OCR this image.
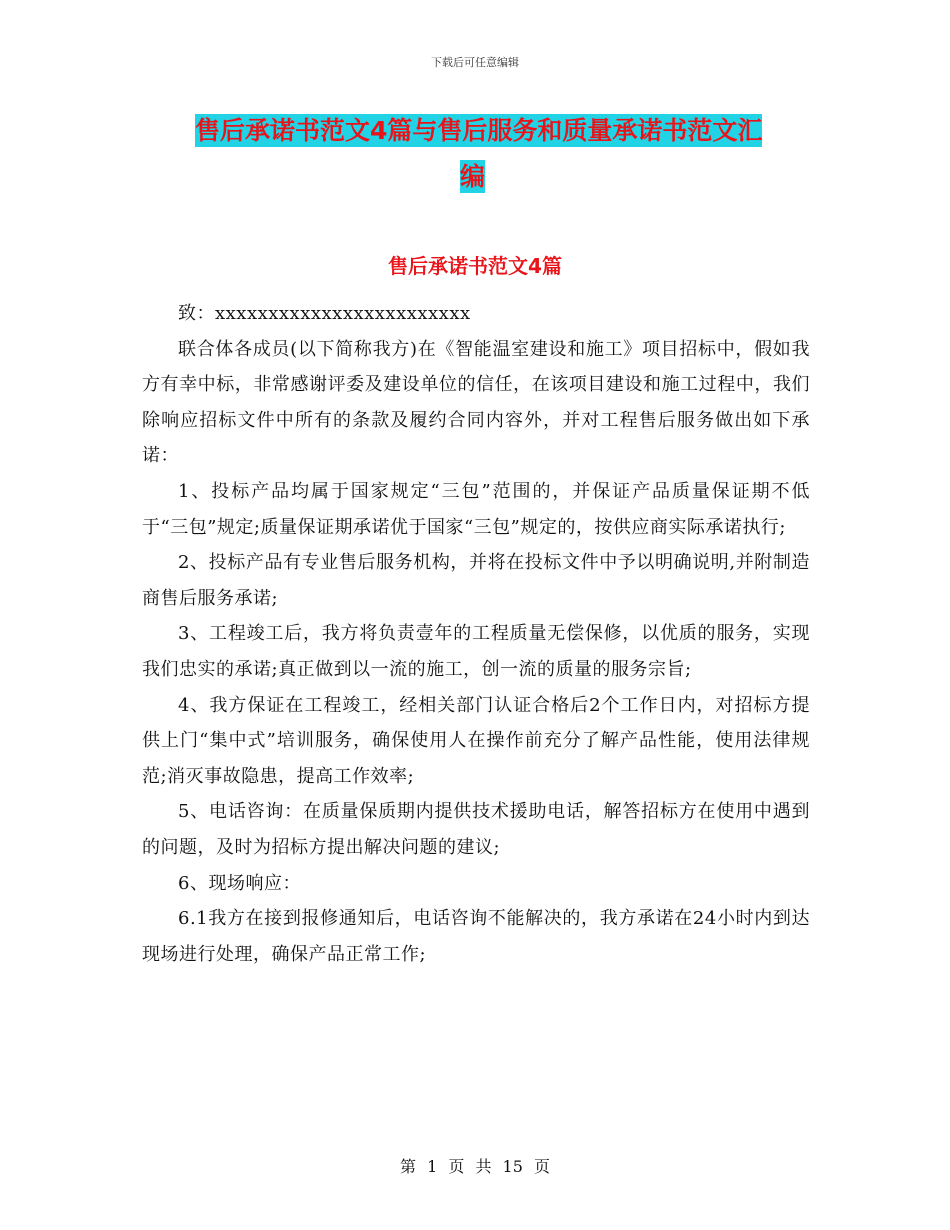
下载后可任意编辑
售后承诺书范文4篇与售后服务和质量承诺书范文汇
编
售后承诺书范文4篇

致：xxxxxxxxxxxxxxxxxxxxxxxx

联合体各成员(以下简称我方)在《智能温室建设和施工》项目招标中，假如我方有幸中标，非常感谢评委及建设单位的信任，在该项目建设和施工过程中，我们除响应招标文件中所有的条款及履约合同内容外，并对工程售后服务做出如下承诺：

1、投标产品均属于国家规定“三包”范围的，并保证产品质量保证期不低于“三包”规定;质量保证期承诺优于国家“三包”规定的，按供应商实际承诺执行;

2、投标产品有专业售后服务机构，并将在投标文件中予以明确说明,并附制造商售后服务承诺;

3、工程竣工后，我方将负责壹年的工程质量无偿保修，以优质的服务，实现我们忠实的承诺;真正做到以一流的施工，创一流的质量的服务宗旨;

4、我方保证在工程竣工，经相关部门认证合格后2个工作日内，对招标方提供上门“集中式”培训服务，确保使用人在操作前充分了解产品性能，使用法律规范;消灭事故隐患，提高工作效率;

5、电话咨询：在质量保质期内提供技术援助电话，解答招标方在使用中遇到的问题，及时为招标方提出解决问题的建议;

6、现场响应：

6.1我方在接到报修通知后，电话咨询不能解决的，我方承诺在24小时内到达现场进行处理，确保产品正常工作;

第 1 页 共 15 页
